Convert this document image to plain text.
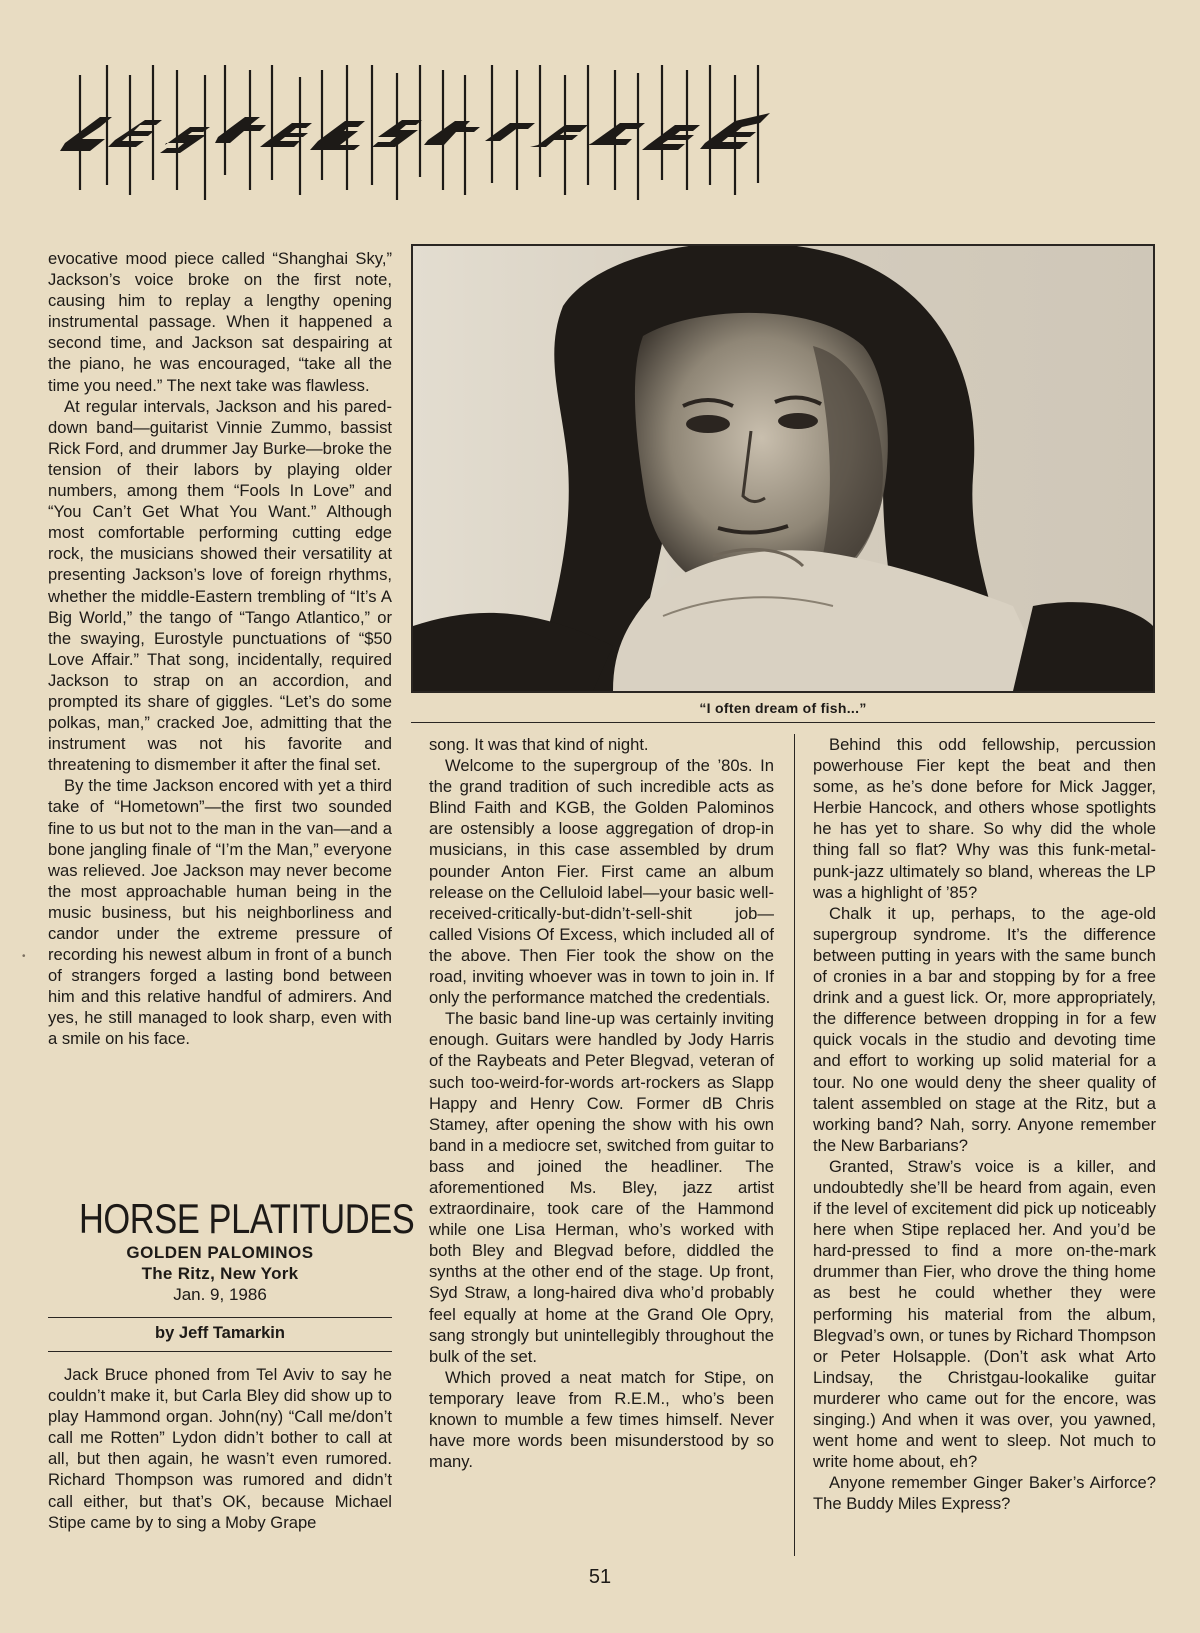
evocative mood piece called “Shanghai Sky,” Jackson’s voice broke on the first note, causing him to replay a lengthy opening instrumental passage. When it happened a second time, and Jackson sat despairing at the piano, he was encouraged, “take all the time you need.” The next take was flawless.

At regular intervals, Jackson and his pared-down band—guitarist Vinnie Zummo, bassist Rick Ford, and drummer Jay Burke—broke the tension of their labors by playing older numbers, among them “Fools In Love” and “You Can’t Get What You Want.” Although most comfortable performing cutting edge rock, the musicians showed their versatility at presenting Jackson’s love of foreign rhythms, whether the middle-Eastern trembling of “It’s A Big World,” the tango of “Tango Atlantico,” or the swaying, Eurostyle punctuations of “$50 Love Affair.” That song, incidentally, required Jackson to strap on an accordion, and prompted its share of giggles. “Let’s do some polkas, man,” cracked Joe, admitting that the instrument was not his favorite and threatening to dismember it after the final set.

By the time Jackson encored with yet a third take of “Hometown”—the first two sounded fine to us but not to the man in the van—and a bone jangling finale of “I’m the Man,” everyone was relieved. Joe Jackson may never become the most approachable human being in the music business, but his neighborliness and candor under the extreme pressure of recording his newest album in front of a bunch of strangers forged a lasting bond between him and this relative handful of admirers. And yes, he still managed to look sharp, even with a smile on his face.

•
“I often dream of fish...”
HORSE PLATITUDES
GOLDEN PALOMINOS
The Ritz, New York
Jan. 9, 1986
by Jeff Tamarkin

Jack Bruce phoned from Tel Aviv to say he couldn’t make it, but Carla Bley did show up to play Hammond organ. John(ny) “Call me/don’t call me Rotten” Lydon didn’t bother to call at all, but then again, he wasn’t even rumored. Richard Thompson was rumored and didn’t call either, but that’s OK, because Michael Stipe came by to sing a Moby Grape

song. It was that kind of night.

Welcome to the supergroup of the ’80s. In the grand tradition of such incredible acts as Blind Faith and KGB, the Golden Palominos are ostensibly a loose aggregation of drop-in musicians, in this case assembled by drum pounder Anton Fier. First came an album release on the Celluloid label—your basic well-received-critically-but-didn’t-sell-shit job—called Visions Of Excess, which included all of the above. Then Fier took the show on the road, inviting whoever was in town to join in. If only the performance matched the credentials.

The basic band line-up was certainly inviting enough. Guitars were handled by Jody Harris of the Raybeats and Peter Blegvad, veteran of such too-weird-for-words art-rockers as Slapp Happy and Henry Cow. Former dB Chris Stamey, after opening the show with his own band in a mediocre set, switched from guitar to bass and joined the headliner. The aforementioned Ms. Bley, jazz artist extraordinaire, took care of the Hammond while one Lisa Herman, who’s worked with both Bley and Blegvad before, diddled the synths at the other end of the stage. Up front, Syd Straw, a long-haired diva who’d probably feel equally at home at the Grand Ole Opry, sang strongly but unintellegibly throughout the bulk of the set.

Which proved a neat match for Stipe, on temporary leave from R.E.M., who’s been known to mumble a few times himself. Never have more words been misunderstood by so many.

Behind this odd fellowship, percussion powerhouse Fier kept the beat and then some, as he’s done before for Mick Jagger, Herbie Hancock, and others whose spotlights he has yet to share. So why did the whole thing fall so flat? Why was this funk-metal-punk-jazz ultimately so bland, whereas the LP was a highlight of ’85?

Chalk it up, perhaps, to the age-old supergroup syndrome. It’s the difference between putting in years with the same bunch of cronies in a bar and stopping by for a free drink and a guest lick. Or, more appropriately, the difference between dropping in for a few quick vocals in the studio and devoting time and effort to working up solid material for a tour. No one would deny the sheer quality of talent assembled on stage at the Ritz, but a working band? Nah, sorry. Anyone remember the New Barbarians?

Granted, Straw’s voice is a killer, and undoubtedly she’ll be heard from again, even if the level of excitement did pick up noticeably here when Stipe replaced her. And you’d be hard-pressed to find a more on-the-mark drummer than Fier, who drove the thing home as best he could whether they were performing his material from the album, Blegvad’s own, or tunes by Richard Thompson or Peter Holsapple. (Don’t ask what Arto Lindsay, the Christgau-lookalike guitar murderer who came out for the encore, was singing.) And when it was over, you yawned, went home and went to sleep. Not much to write home about, eh?

Anyone remember Ginger Baker’s Airforce? The Buddy Miles Express?

51
